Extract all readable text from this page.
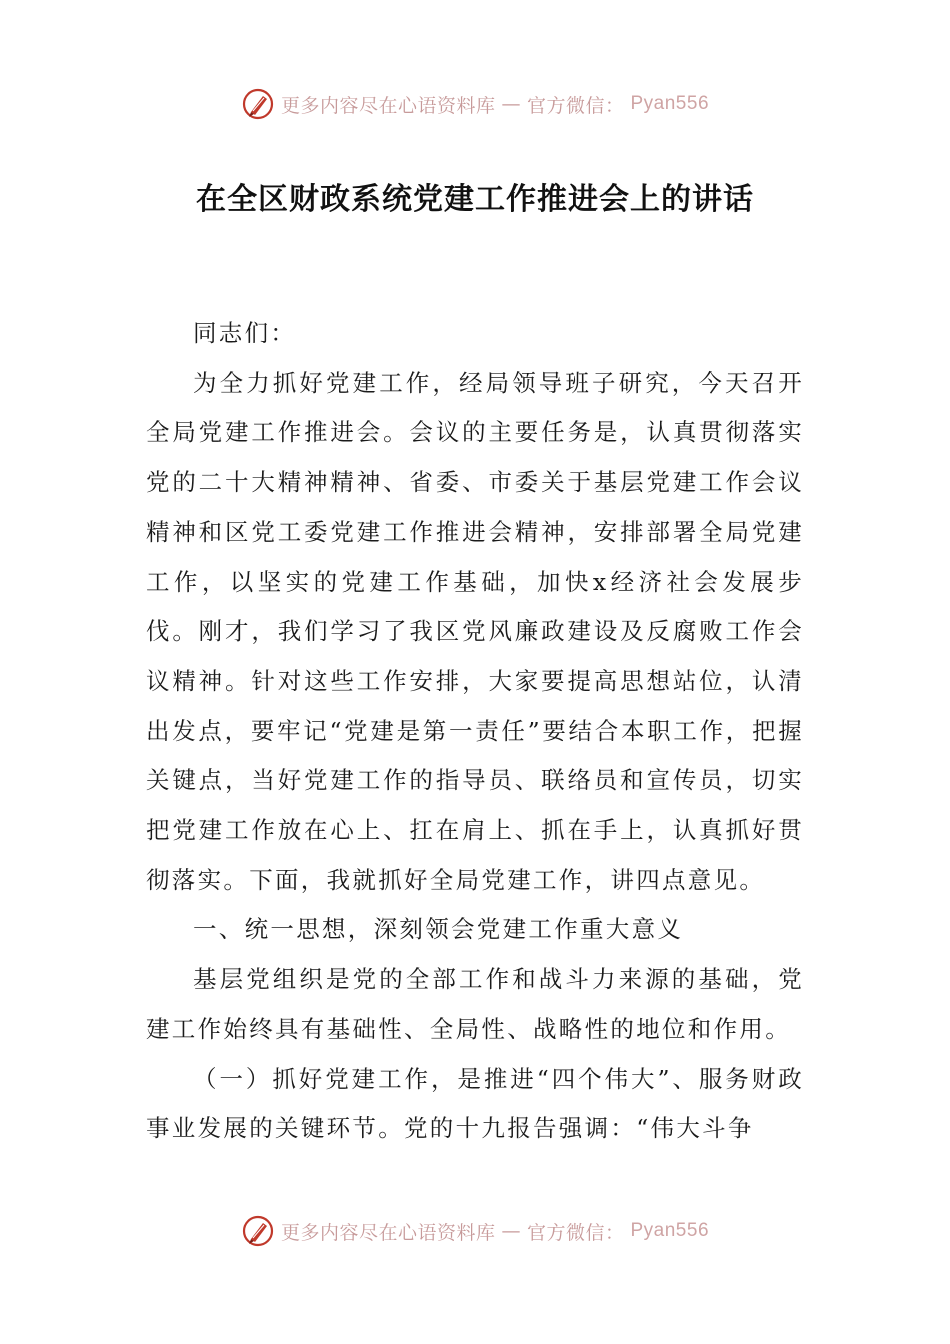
更多内容尽在心语资料库 — 官方微信： Pyan556
在全区财政系统党建工作推进会上的讲话

同志们：

为全力抓好党建工作，经局领导班子研究，今天召开全局党建工作推进会。会议的主要任务是，认真贯彻落实党的二十大精神精神、省委、市委关于基层党建工作会议精神和区党工委党建工作推进会精神，安排部署全局党建工作，以坚实的党建工作基础，加快x经济社会发展步伐。刚才，我们学习了我区党风廉政建设及反腐败工作会议精神。针对这些工作安排，大家要提高思想站位，认清出发点，要牢记“党建是第一责任”要结合本职工作，把握关键点，当好党建工作的指导员、联络员和宣传员，切实把党建工作放在心上、扛在肩上、抓在手上，认真抓好贯彻落实。下面，我就抓好全局党建工作，讲四点意见。

一、统一思想，深刻领会党建工作重大意义

基层党组织是党的全部工作和战斗力来源的基础，党建工作始终具有基础性、全局性、战略性的地位和作用。

（一）抓好党建工作，是推进“四个伟大”、服务财政事业发展的关键环节。党的十九报告强调：“伟大斗争

更多内容尽在心语资料库 — 官方微信： Pyan556
